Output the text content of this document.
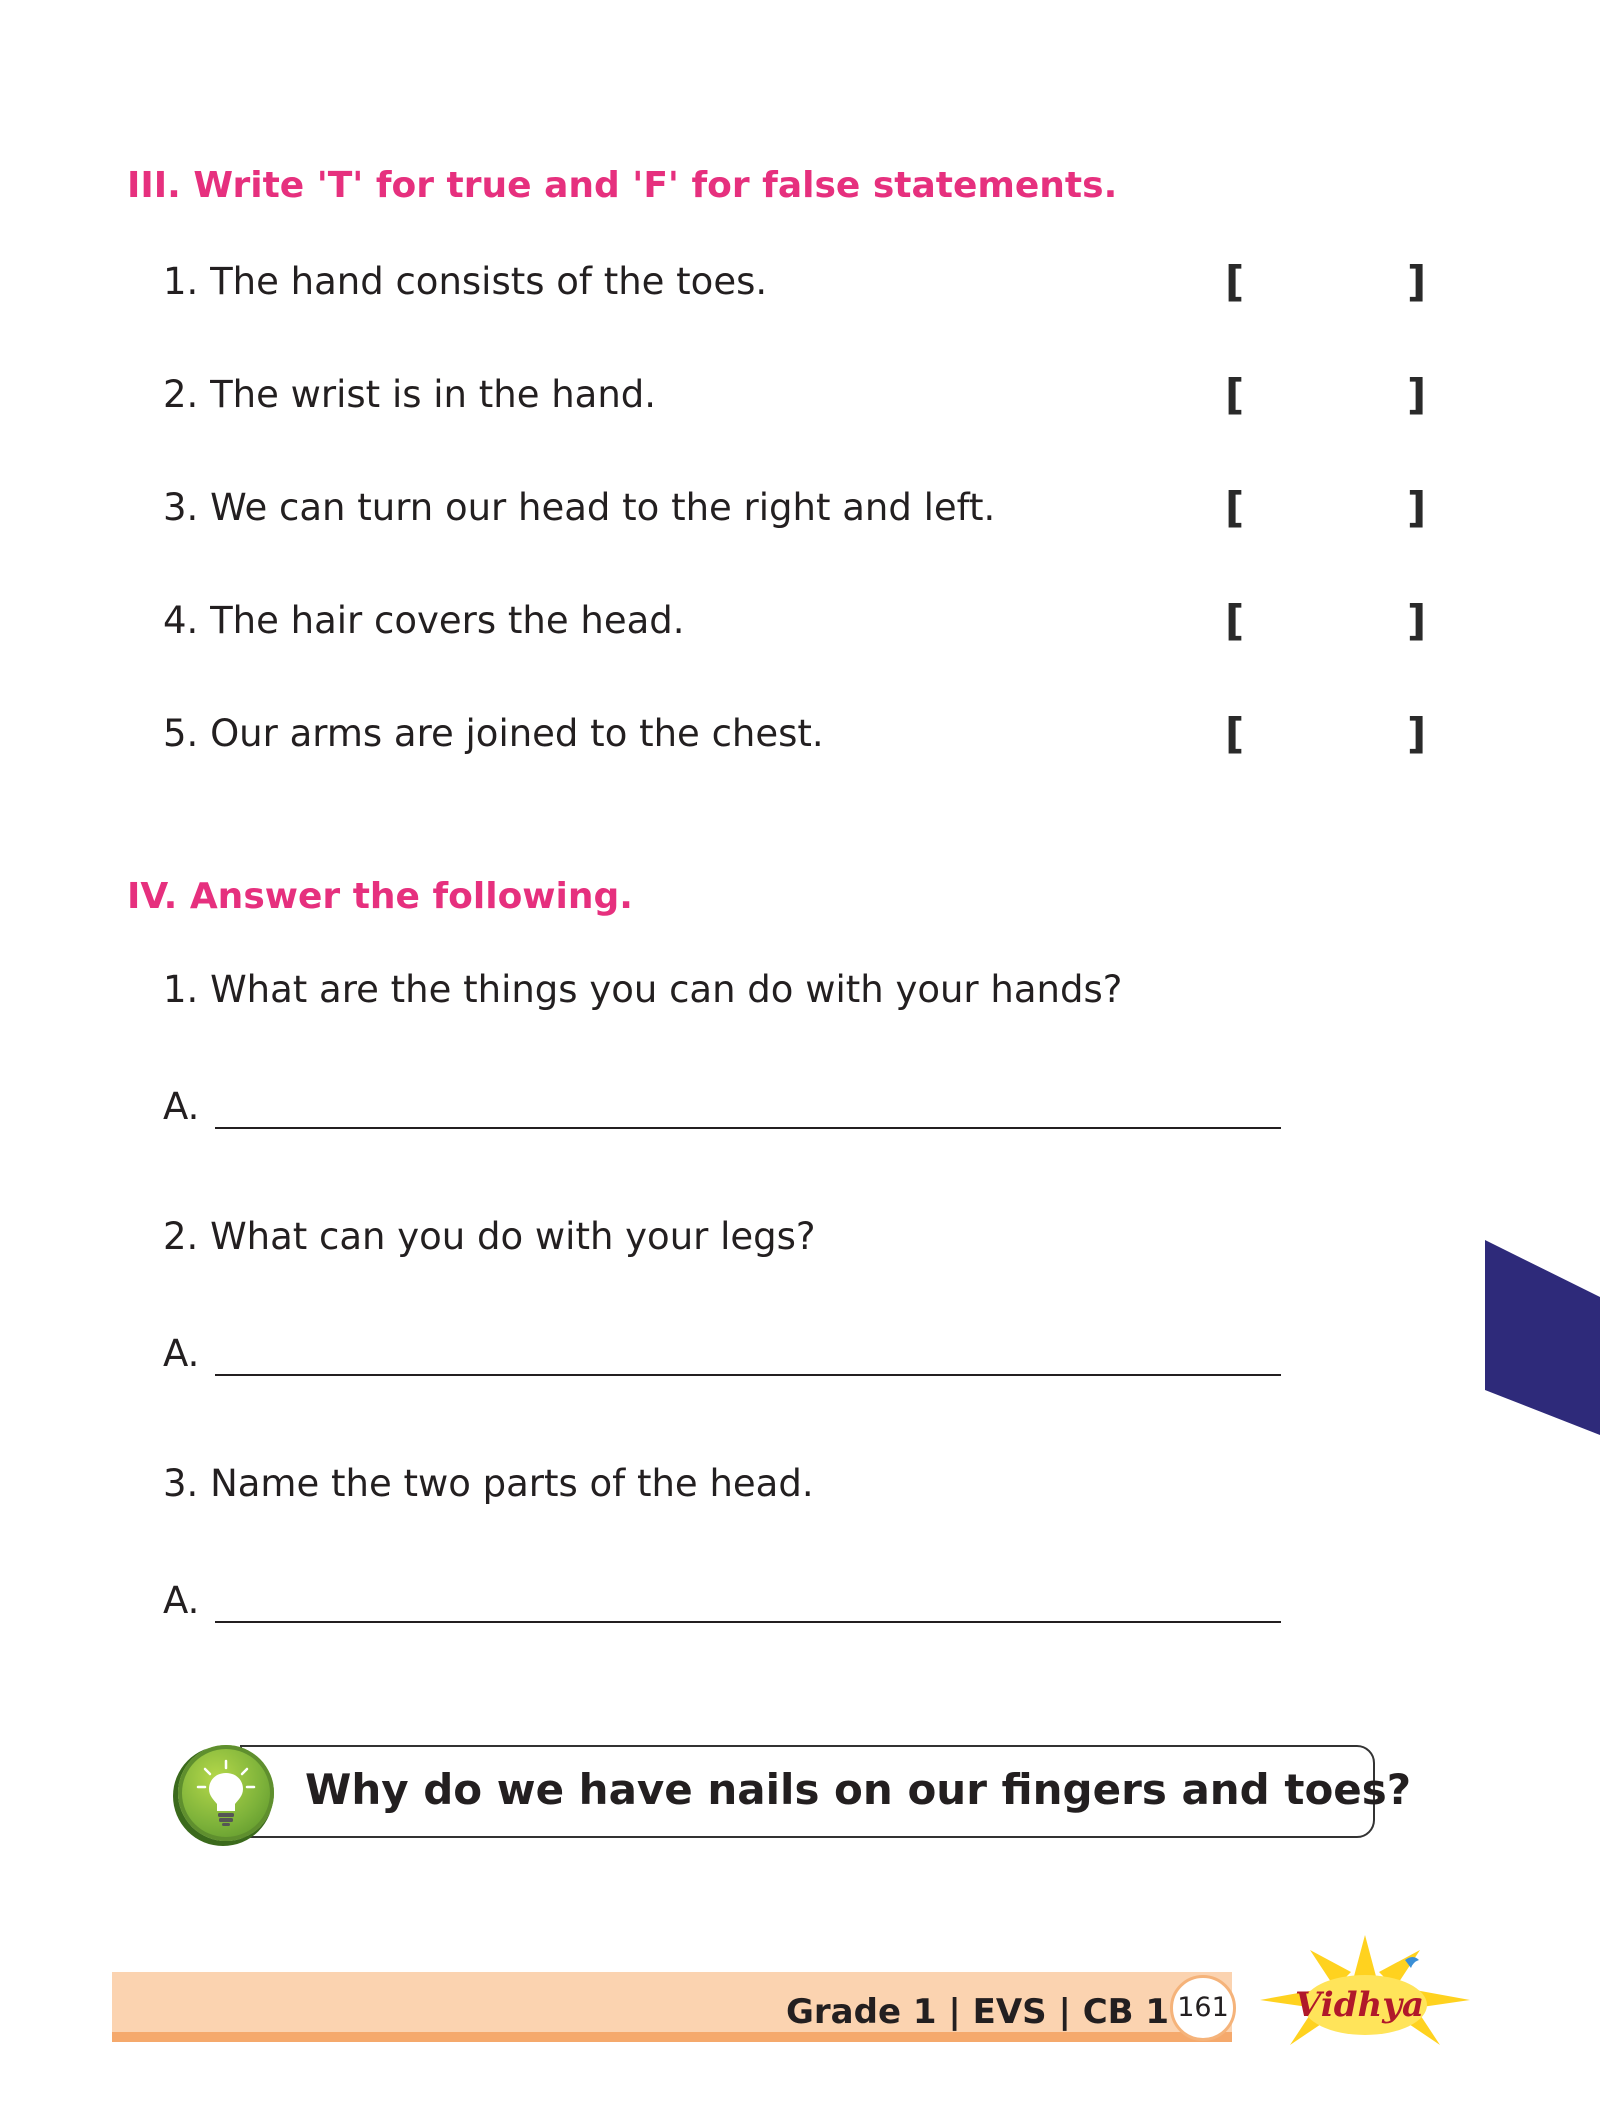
III. Write 'T' for true and 'F' for false statements.
1. The hand consists of the toes.	[	]
2. The wrist is in the hand.	[	]
3. We can turn our head to the right and left.	[	]
4. The hair covers the head.	[	]
5. Our arms are joined to the chest.	[	]
IV. Answer the following.
1. What are the things you can do with your hands?
A.
2. What can you do with your legs?
A.
3. Name the two parts of the head.
A.
Why do we have nails on our fingers and toes?
Grade 1 | EVS | CB 1 161 Vidhya
